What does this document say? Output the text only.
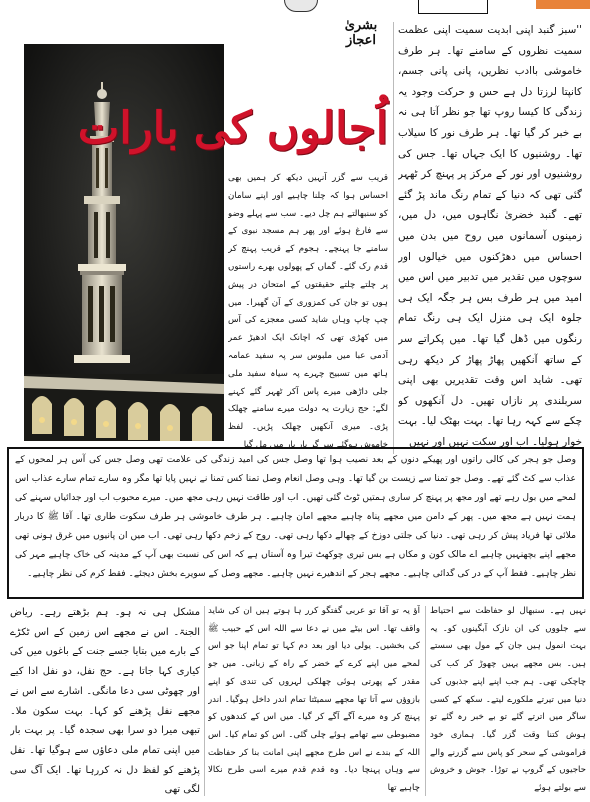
بشریٰ اعجاز
اُجالوں کی بارات

''سبز گنبد اپنی ابدیت سمیت اپنی عظمت سمیت نظروں کے سامنے تھا۔ ہر طرف خاموشی باادب نظریں، پانی پانی جسم، کانپتا لرزتا دل ہے حس و حرکت وجود یہ زندگی کا کیسا روپ تھا جو نظر آتا ہی نہ بے خبر کر گیا تھا۔ ہر طرف نور کا سیلاب تھا۔ روشنیوں کا ایک جہاں تھا۔ جس کی روشنیوں اور نور کے مرکز پر پہنچ کر ٹھہر گئی تھی کہ دنیا کے تمام رنگ ماند پڑ گئے تھے۔ گنبد خضریٰ نگاہوں میں، دل میں، زمینوں آسمانوں میں روح میں بدن میں احساس میں دھڑکنوں میں خیالوں اور سوچوں میں تقدیر میں تدبیر میں اس میں امید میں ہر طرف بس ہر جگہ ایک ہی جلوہ ایک ہی منزل ایک ہی رنگ تمام رنگوں میں ڈھل گیا تھا۔ میں پکراتے سر کے ساتھ آنکھیں پھاڑ پھاڑ کر دیکھ رہی تھی۔ شاید اس وقت تقدیریں بھی اپنی سربلندی پر نازاں تھیں۔ دل آنکھوں کو چکے سے کہہ رہا تھا۔ بہت بھٹک لیا۔ بہت خوار ہولیا۔ اب اور سکت نہیں اور نہیں

قریب سے گزر آنہیں دیکھ کر ہمیں بھی احساس ہوا کہ چلنا چاہیے اور اپنے سامان کو سنبھالتے ہم چل دیے۔ سب سے پہلے وضو سے فارغ ہوئے اور پھر ہم مسجد نبوی کے سامنے جا پہنچے۔ ہجوم کے قریب پہنچ کر قدم رک گئے۔ گماں کے پھولوں بھرے راستوں پر چلتے چلتے حقیقتوں کے امتحان در پیش ہوں تو جان کی کمزوری کے آن گھیرا۔ میں چپ چاپ وہاں شاید کسی معجزے کی آس میں کھڑی تھی کہ اچانک ایک ادھیڑ عمر آدمی عبا میں ملبوس سر پہ سفید عمامہ ہاتھ میں تسبیح چہرے پہ سیاہ سفید ملی جلی داڑھی میرے پاس آکر ٹھہر گئے کہنے لگے: حج زیارت یہ دولت میرے سامنے چھلک پڑی۔ میری آنکھیں چھلک پڑیں۔ لفظ خاموش ہوگئے سر گر بار بار میں مل گیا

وصل جو ہجر کی کالی راتوں اور پھیکے دنوں کے بعد نصیب ہوا تھا وصل جس کی امید زندگی کی علامت تھی وصل جس کی آس ہر لمحوں کے عذاب سے کٹ گئے تھے۔ وصل جو تمنا سے زیست بن گیا تھا۔ وہی وصل انعام وصل تمنا کس تمنا نے نہیں پایا تھا مگر وہ سارے تمام سارے عذاب اس لمحے میں بول رہے تھے اور مجھ پر پہنچ کر ساری ہمتیں ٹوٹ گئی تھیں۔ اب اور طاقت نہیں رہی مجھ میں۔ میرے محبوب اب اور جدائیاں سہنے کی ہمت نہیں ہے مجھ میں۔ پھر کے دامن میں مجھے پناہ چاہیے مجھے امان چاہیے۔ ہر طرف خاموشی ہر طرف سکوت طاری تھا۔ آقا ﷺ کا دربار ملائی تھا فریاد پیش کر رہی تھی۔ دنیا کی جلتی دوزخ کے چھالے دکھا رہی تھی۔ روح کے زخم دکھا رہی تھی۔ اب میں ان پانیوں میں غرق ہونی تھی مجھے اپنے بچھنہیں چاہیے اے مالک کون و مکاں ہے بس تیری چوکھٹ تیرا وہ آستاں ہے کہ اس کی نسبت بھی آپ کے مدینہ کی خاک چاہیے مہر کی نظر چاہیے۔ فقط آپ کے در کی گدائی چاہیے۔ مجھے ہجر کے اندھیرے نہیں چاہیے۔ مجھے وصل کے سویرے بخش دیجئے۔ فقط کرم کی نظر چاہیے۔

نہیں ہے۔ سنبھال لو حفاظت سے احتیاط سے جلووں کی ان نازک آبگینوں کو۔ یہ بہت انمول ہیں جان کے مول بھی سستے ہیں۔ بس مجھے یہیں چھوڑ کر کب کی چاچکی تھی۔ ہم جب اپنے اپنے جذبوں کی دنیا میں تیرتے ملکورے لیتے۔ سکھ کے کسی ساگر میں اترتے گئے تو بے خبر رہ گئے تو ہوش کتنا وقت گزر گیا۔ ہماری خود فراموشی کے سحر کو پاس سے گزرنے والے حاجیوں کے گروپ نے توڑا۔ جوش و خروش سے بولتے ہوئے

آؤ یہ تو آقا تو عربی گفتگو کرر ہا ہوتے ہیں ان کی شاید واقف تھا۔ اس بیٹے میں نے دعا سے اللہ اس کے حبیب ﷺ کی بخشیں۔ یولی دیا اور بعد دم کہا تو تمام اپنا جو اس لمحے میں اپنے کرے کے خضر کے راہ کے زبانی۔ میں جو مقدر کے پھرتی ہوئی چھلکی لہروں کی تندی کو اپنے بازوؤں سے آتا تھا مجھے سمیٹتا تمام اندر داخل ہوگیا۔ اندر پہنچ کر وہ میرے آگے آگے کر گیا۔ میں اس کے کندھوں کو مضبوطی سے تھامے ہوئے چلی گئی۔ اس کو تمام کیا۔ اس اللہ کے بندے نے اس طرح مجھے اپنی امانت بنا کر حفاظت سے وہاں پہنچا دیا۔ وہ قدم قدم میرے اسی طرح نکالا چاہیے تھا

مشکل ہی نہ ہو۔ ہم بڑھتے رہے۔ ریاض الجنۃ۔ اس نے مجھے اس زمین کے اس ٹکڑے کے بارے میں بتایا جسے جنت کے باغوں میں کی کیاری کہا جاتا ہے۔ حج نفل، دو نفل ادا کیے اور چھوٹی سی دعا مانگی۔ اشارے سے اس نے مجھے نفل پڑھنے کو کہا۔ بہت سکون ملا۔ تبھی میرا دو سرا بھی سجدہ گیا۔ پر بہت بار میں اپنی تمام ملی دعاؤں سے ہوگیا تھا۔ نفل پڑھنے کو لفظ دل نہ کررہا تھا۔ ایک آگ سی لگی تھی
